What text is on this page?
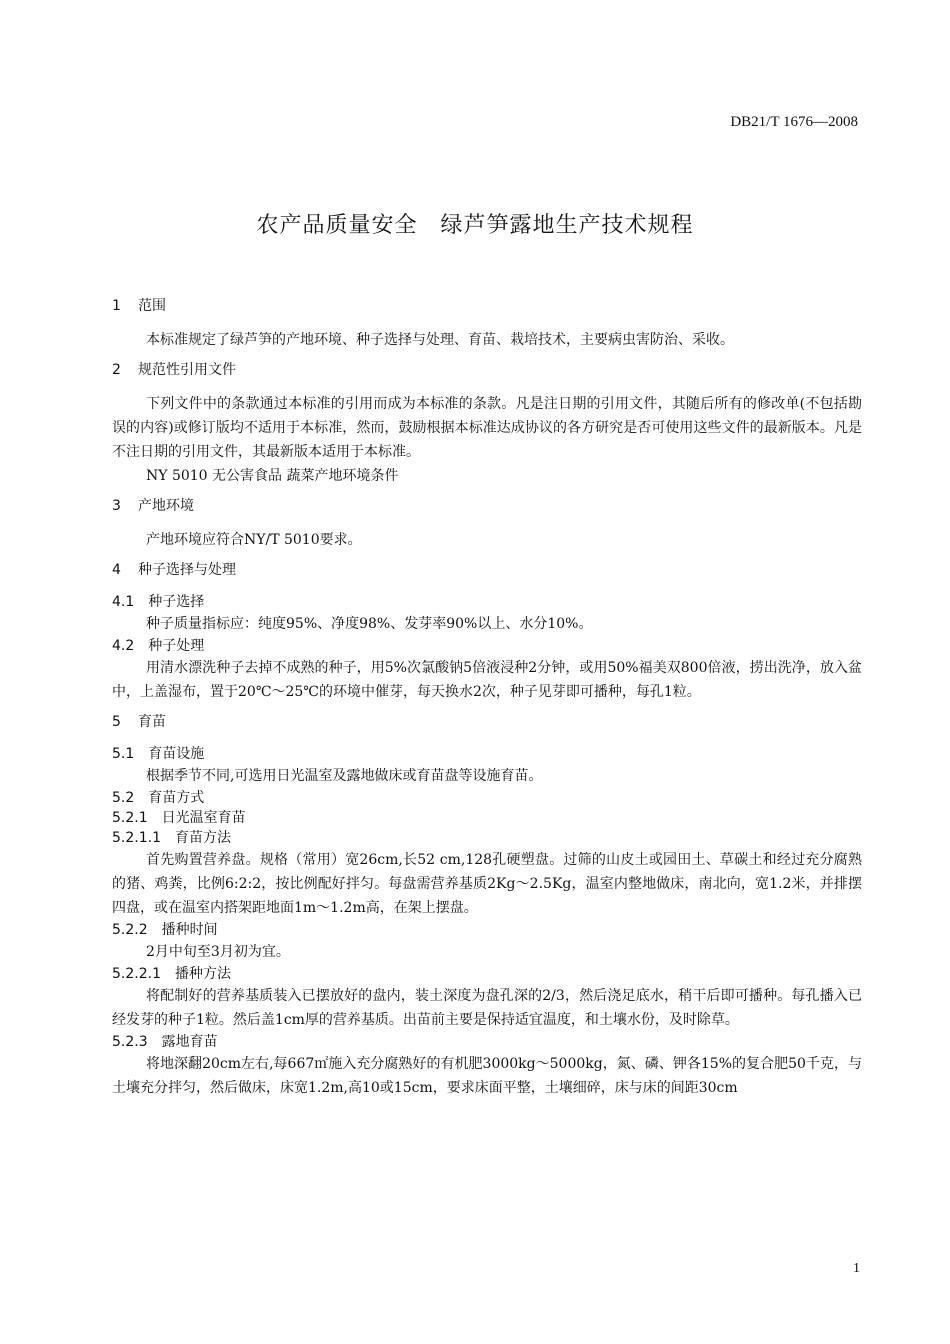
DB21/T 1676—2008
农产品质量安全　绿芦笋露地生产技术规程
1 范围

本标准规定了绿芦笋的产地环境、种子选择与处理、育苗、栽培技术，主要病虫害防治、采收。

2 规范性引用文件

下列文件中的条款通过本标准的引用而成为本标准的条款。凡是注日期的引用文件，其随后所有的修改单(不包括勘误的内容)或修订版均不适用于本标准，然而，鼓励根据本标准达成协议的各方研究是否可使用这些文件的最新版本。凡是不注日期的引用文件，其最新版本适用于本标准。

NY 5010 无公害食品 蔬菜产地环境条件

3 产地环境

产地环境应符合NY/T 5010要求。

4 种子选择与处理
4.1 种子选择

种子质量指标应：纯度95%、净度98%、发芽率90%以上、水分10%。

4.2 种子处理

用清水漂洗种子去掉不成熟的种子，用5%次氯酸钠5倍液浸种2分钟，或用50%福美双800倍液，捞出洗净，放入盆中，上盖湿布，置于20℃～25℃的环境中催芽，每天换水2次，种子见芽即可播种，每孔1粒。

5 育苗
5.1 育苗设施

根据季节不同,可选用日光温室及露地做床或育苗盘等设施育苗。

5.2 育苗方式
5.2.1 日光温室育苗
5.2.1.1 育苗方法

首先购置营养盘。规格（常用）宽26cm,长52 cm,128孔硬塑盘。过筛的山皮土或园田土、草碳土和经过充分腐熟的猪、鸡粪，比例6:2:2，按比例配好拌匀。每盘需营养基质2Kg～2.5Kg，温室内整地做床，南北向，宽1.2米，并排摆四盘，或在温室内搭架距地面1m～1.2m高，在架上摆盘。

5.2.2 播种时间

2月中旬至3月初为宜。

5.2.2.1 播种方法

将配制好的营养基质装入已摆放好的盘内，装土深度为盘孔深的2/3，然后浇足底水，稍干后即可播种。每孔播入已经发芽的种子1粒。然后盖1cm厚的营养基质。出苗前主要是保持适宜温度，和土壤水份，及时除草。

5.2.3 露地育苗

将地深翻20cm左右,每667㎡施入充分腐熟好的有机肥3000kg～5000kg，氮、磷、钾各15%的复合肥50千克，与土壤充分拌匀，然后做床，床宽1.2m,高10或15cm，要求床面平整，土壤细碎，床与床的间距30cm

1
